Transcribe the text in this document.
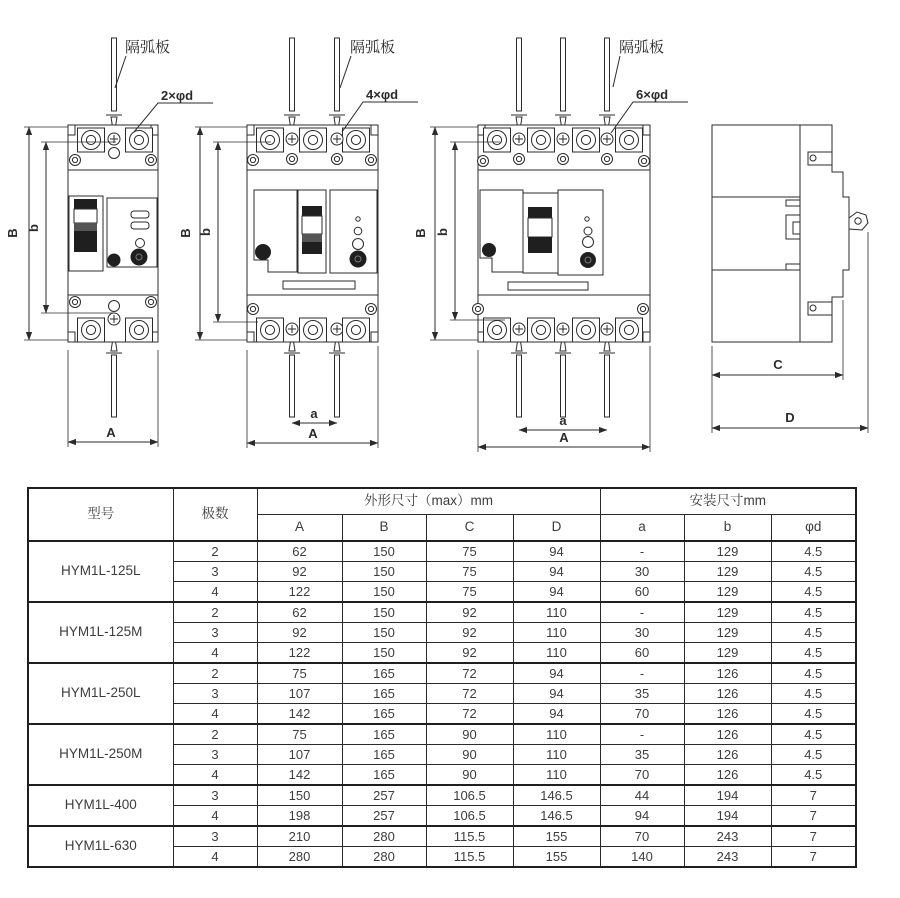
B
b
A
隔弧板
2×φd
B b
a
A
隔弧板
4×φd
B b
a
A
隔弧板
6×φd
C
D
型号	极数	外形尺寸（max）mm				安装尺寸mm		
		A	B	C	D	a	b	φd
HYM1L-125L	2	62	150	75	94	-	129	4.5
	3	92	150	75	94	30	129	4.5
	4	122	150	75	94	60	129	4.5
HYM1L-125M	2	62	150	92	110	-	129	4.5
	3	92	150	92	110	30	129	4.5
	4	122	150	92	110	60	129	4.5
HYM1L-250L	2	75	165	72	94	-	126	4.5
	3	107	165	72	94	35	126	4.5
	4	142	165	72	94	70	126	4.5
HYM1L-250M	2	75	165	90	110	-	126	4.5
	3	107	165	90	110	35	126	4.5
	4	142	165	90	110	70	126	4.5
HYM1L-400	3	150	257	106.5	146.5	44	194	7
	4	198	257	106.5	146.5	94	194	7
HYM1L-630	3	210	280	115.5	155	70	243	7
	4	280	280	115.5	155	140	243	7
